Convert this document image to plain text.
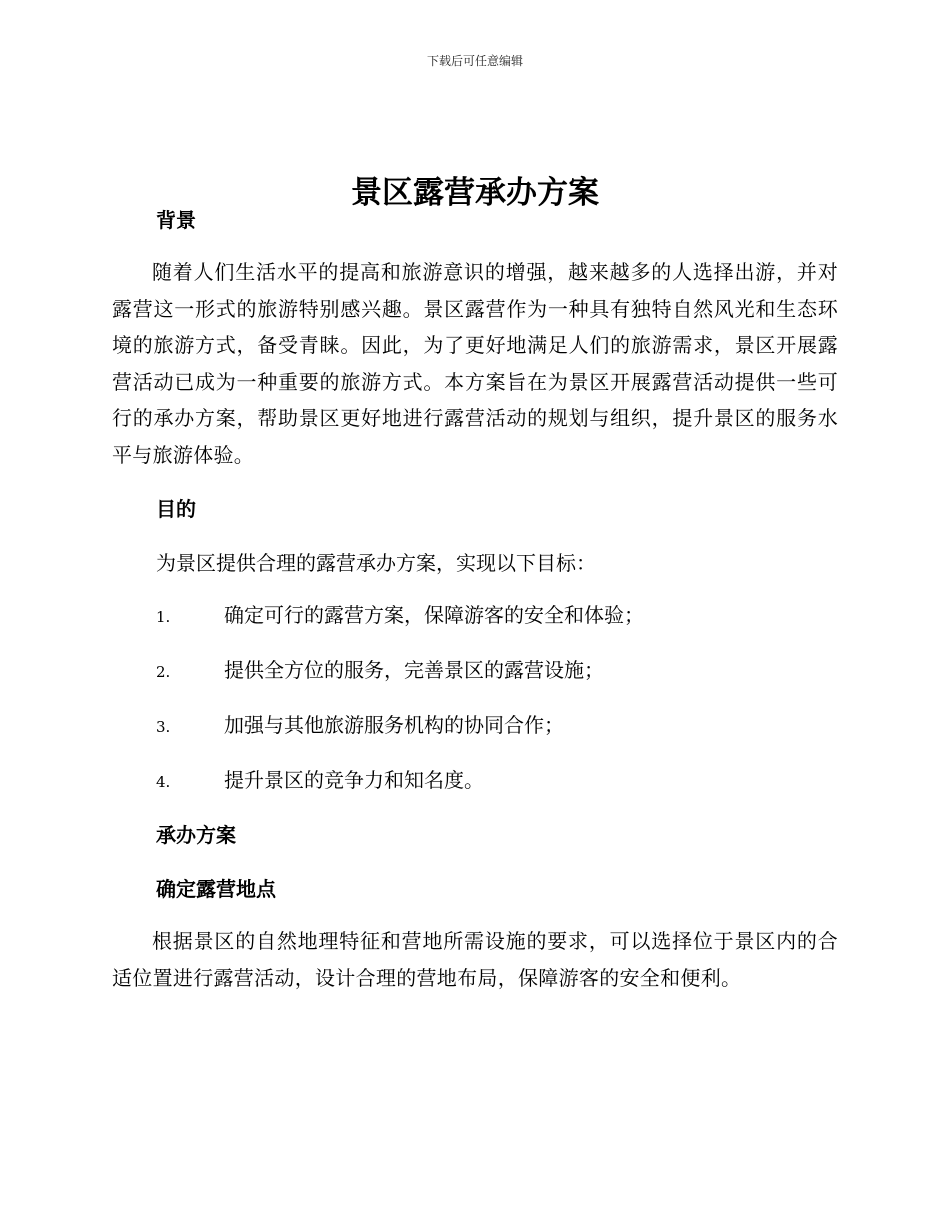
下载后可任意编辑
景区露营承办方案
背景

随着人们生活水平的提高和旅游意识的增强，越来越多的人选择出游，并对露营这一形式的旅游特别感兴趣。景区露营作为一种具有独特自然风光和生态环境的旅游方式，备受青睐。因此，为了更好地满足人们的旅游需求，景区开展露营活动已成为一种重要的旅游方式。本方案旨在为景区开展露营活动提供一些可行的承办方案，帮助景区更好地进行露营活动的规划与组织，提升景区的服务水平与旅游体验。

目的

为景区提供合理的露营承办方案，实现以下目标：

1.	确定可行的露营方案，保障游客的安全和体验；
2.	提供全方位的服务，完善景区的露营设施；
3.	加强与其他旅游服务机构的协同合作；
4.	提升景区的竞争力和知名度。
承办方案
确定露营地点

根据景区的自然地理特征和营地所需设施的要求，可以选择位于景区内的合适位置进行露营活动，设计合理的营地布局，保障游客的安全和便利。
